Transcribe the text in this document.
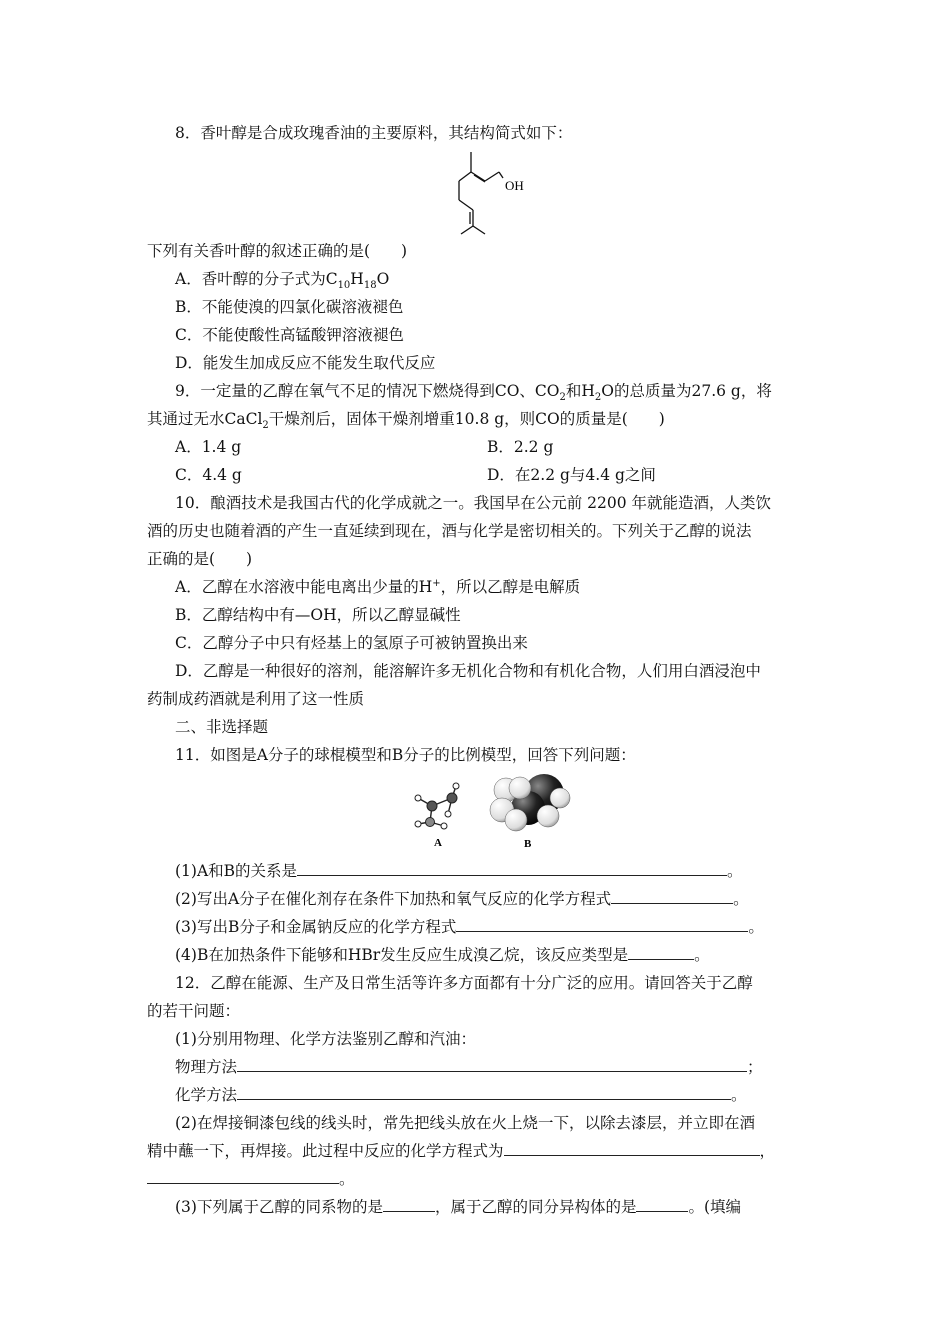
8．香叶醇是合成玫瑰香油的主要原料，其结构简式如下：
OH
下列有关香叶醇的叙述正确的是(　　)
A．香叶醇的分子式为$C_{10}H_{18}O$
B．不能使溴的四氯化碳溶液褪色
C．不能使酸性高锰酸钾溶液褪色
D．能发生加成反应不能发生取代反应
9．一定量的乙醇在氧气不足的情况下燃烧得到CO、$CO_2$和$H_2O$的总质量为27.6 g，将
其通过无水CaCl$_2$干燥剂后，固体干燥剂增重10.8 g，则CO的质量是(　　)
A．1.4 g	B．2.2 g
C．4.4 g	D．在2.2 g与4.4 g之间
10．酿酒技术是我国古代的化学成就之一。我国早在公元前 2200 年就能造酒，人类饮
酒的历史也随着酒的产生一直延续到现在，酒与化学是密切相关的。下列关于乙醇的说法
正确的是(　　)
A．乙醇在水溶液中能电离出少量的H+，所以乙醇是电解质
B．乙醇结构中有—OH，所以乙醇显碱性
C．乙醇分子中只有烃基上的氢原子可被钠置换出来
D．乙醇是一种很好的溶剂，能溶解许多无机化合物和有机化合物，人们用白酒浸泡中
药制成药酒就是利用了这一性质
二、非选择题
11．如图是A分子的球棍模型和B分子的比例模型，回答下列问题：
A	B
(1)A和B的关系是	。
(2)写出A分子在催化剂存在条件下加热和氧气反应的化学方程式	。
(3)写出B分子和金属钠反应的化学方程式	。
(4)B在加热条件下能够和HBr发生反应生成溴乙烷，该反应类型是	。
12．乙醇在能源、生产及日常生活等许多方面都有十分广泛的应用。请回答关于乙醇
的若干问题：
(1)分别用物理、化学方法鉴别乙醇和汽油：
物理方法	；
化学方法	。
(2)在焊接铜漆包线的线头时，常先把线头放在火上烧一下，以除去漆层，并立即在酒
精中蘸一下，再焊接。此过程中反应的化学方程式为	，
。
(3)下列属于乙醇的同系物的是	，属于乙醇的同分异构体的是	。(填编
